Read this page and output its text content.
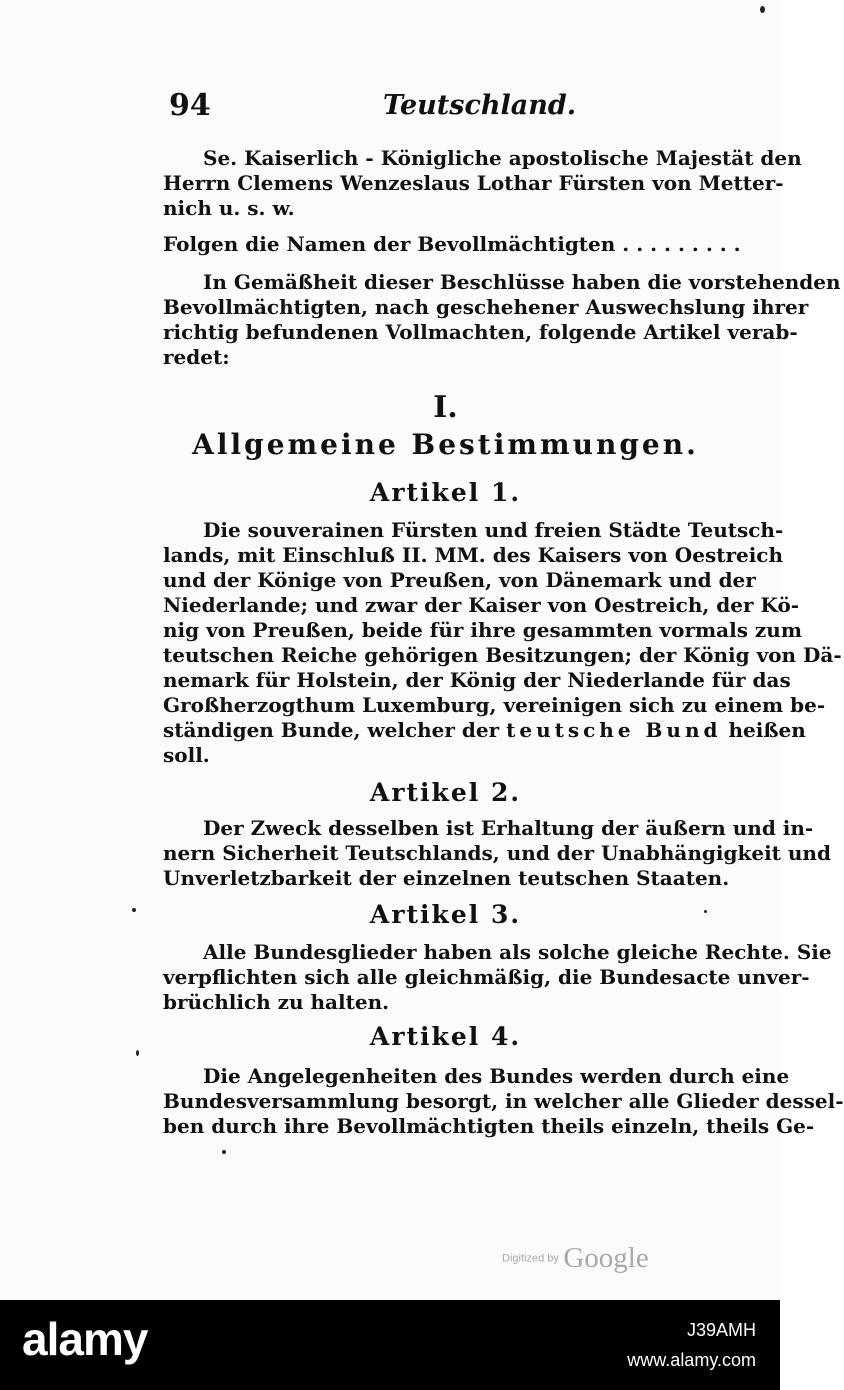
94	Teutschland.
Se. Kaiserlich - Königliche apostolische Majestät den
Herrn Clemens Wenzeslaus Lothar Fürsten von Metter-
nich u. s. w.
Folgen die Namen der Bevollmächtigten . . . . . . . . .
In Gemäßheit dieser Beschlüsse haben die vorstehenden
Bevollmächtigten, nach geschehener Auswechslung ihrer
richtig befundenen Vollmachten, folgende Artikel verab-
redet:
I.
Allgemeine Bestimmungen.
Artikel 1.
Die souverainen Fürsten und freien Städte Teutsch-
lands, mit Einschluß II. MM. des Kaisers von Oestreich
und der Könige von Preußen, von Dänemark und der
Niederlande; und zwar der Kaiser von Oestreich, der Kö-
nig von Preußen, beide für ihre gesammten vormals zum
teutschen Reiche gehörigen Besitzungen; der König von Dä-
nemark für Holstein, der König der Niederlande für das
Großherzogthum Luxemburg, vereinigen sich zu einem be-
ständigen Bunde, welcher der teutsche Bund heißen
soll.
Artikel 2.
Der Zweck desselben ist Erhaltung der äußern und in-
nern Sicherheit Teutschlands, und der Unabhängigkeit und
Unverletzbarkeit der einzelnen teutschen Staaten.
Artikel 3.
Alle Bundesglieder haben als solche gleiche Rechte. Sie
verpflichten sich alle gleichmäßig, die Bundesacte unver-
brüchlich zu halten.
Artikel 4.
Die Angelegenheiten des Bundes werden durch eine
Bundesversammlung besorgt, in welcher alle Glieder dessel-
ben durch ihre Bevollmächtigten theils einzeln, theils Ge-
Digitized by Google
alamy	J39AMH
www.alamy.com
